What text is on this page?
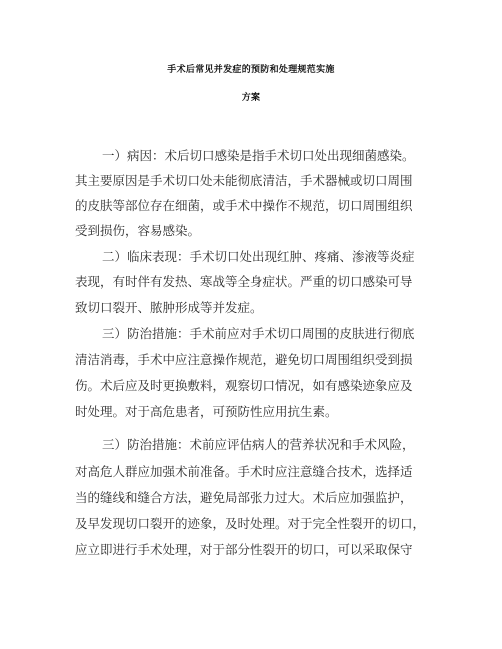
手术后常见并发症的预防和处理规范实施
方案
一）病因：术后切口感染是指手术切口处出现细菌感染。
其主要原因是手术切口处未能彻底清洁，手术器械或切口周围
的皮肤等部位存在细菌，或手术中操作不规范，切口周围组织
受到损伤，容易感染。
二）临床表现：手术切口处出现红肿、疼痛、渗液等炎症
表现，有时伴有发热、寒战等全身症状。严重的切口感染可导
致切口裂开、脓肿形成等并发症。
三）防治措施：手术前应对手术切口周围的皮肤进行彻底
清洁消毒，手术中应注意操作规范，避免切口周围组织受到损
伤。术后应及时更换敷料，观察切口情况，如有感染迹象应及
时处理。对于高危患者，可预防性应用抗生素。
三）防治措施：术前应评估病人的营养状况和手术风险，
对高危人群应加强术前准备。手术时应注意缝合技术，选择适
当的缝线和缝合方法，避免局部张力过大。术后应加强监护，
及早发现切口裂开的迹象，及时处理。对于完全性裂开的切口，
应立即进行手术处理，对于部分性裂开的切口，可以采取保守
